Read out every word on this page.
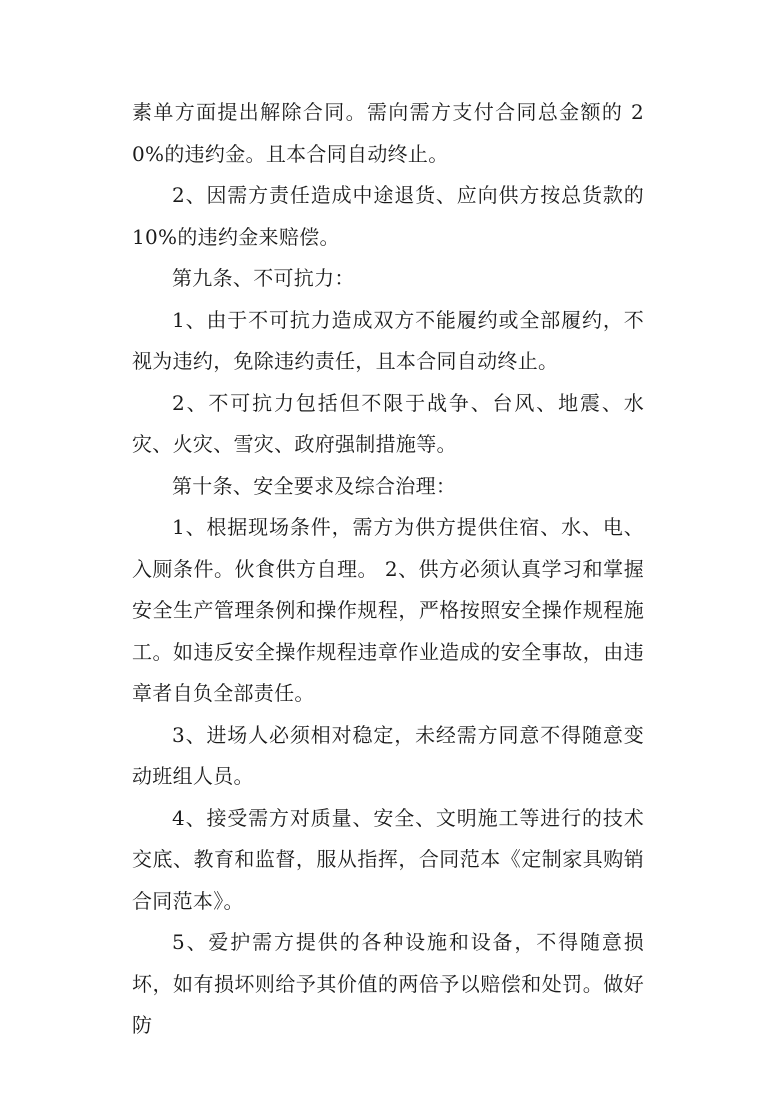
素单方面提出解除合同。需向需方支付合同总金额的 20%的违约金。且本合同自动终止。

2、因需方责任造成中途退货、应向供方按总货款的10%的违约金来赔偿。

第九条、不可抗力：

1、由于不可抗力造成双方不能履约或全部履约，不视为违约，免除违约责任，且本合同自动终止。

2、不可抗力包括但不限于战争、台风、地震、水灾、火灾、雪灾、政府强制措施等。

第十条、安全要求及综合治理：

1、根据现场条件，需方为供方提供住宿、水、电、入厕条件。伙食供方自理。 2、供方必须认真学习和掌握安全生产管理条例和操作规程，严格按照安全操作规程施工。如违反安全操作规程违章作业造成的安全事故，由违章者自负全部责任。

3、进场人必须相对稳定，未经需方同意不得随意变动班组人员。

4、接受需方对质量、安全、文明施工等进行的技术交底、教育和监督，服从指挥，合同范本《定制家具购销合同范本》。

5、爱护需方提供的各种设施和设备，不得随意损坏，如有损坏则给予其价值的两倍予以赔偿和处罚。做好防
